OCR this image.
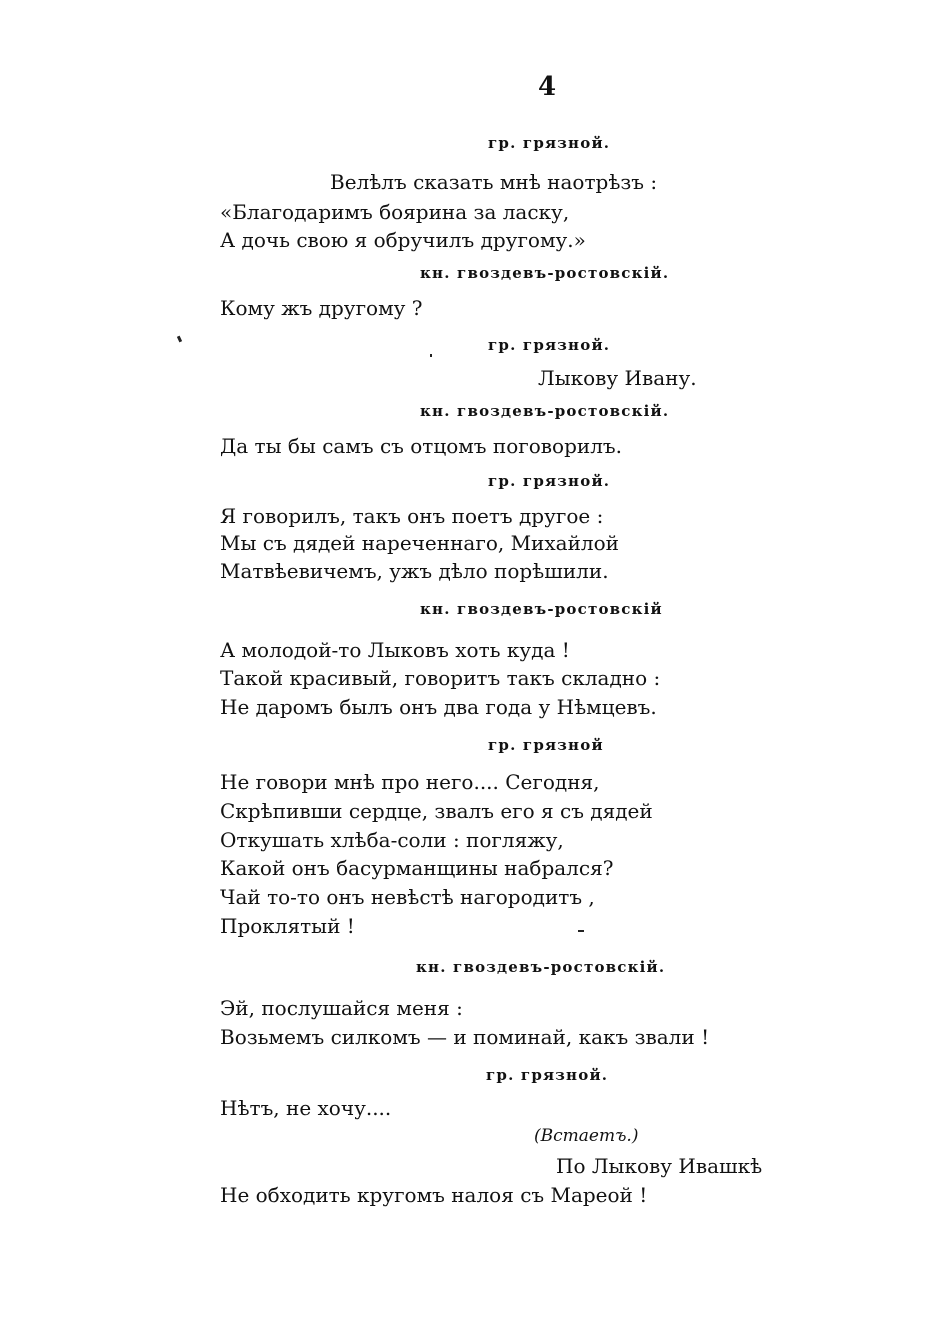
4
гр. грязной.
Велѣлъ сказать мнѣ наотрѣзъ :
«Благодаримъ бояринa за ласку,
А дочь свою я обручилъ другому.»
кн. гвоздевъ-ростовскій.
Кому жъ другому ?
гр. грязной.
Лыкову Ивану.
кн. гвоздевъ-ростовскій.
Да ты бы самъ съ отцомъ поговорилъ.
гр. грязной.
Я говорилъ, такъ онъ поетъ другое :
Мы съ дядей нареченнаго, Михайлой
Матвѣевичемъ, ужъ дѣло порѣшили.
кн. гвоздевъ-ростовскій
А молодой-то Лыковъ хоть куда !
Такой красивый, говоритъ такъ складно :
Не даромъ былъ онъ два года у Нѣмцевъ.
гр. грязной
Не говори мнѣ про него.... Сегодня,
Скрѣпивши сердце, звалъ его я съ дядей
Откушать хлѣба-соли : погляжу,
Какой онъ басурманщины набрался?
Чай то-то онъ невѣстѣ нагородитъ ,
Проклятый !
кн. гвоздевъ-ростовскій.
Эй, послушайся меня :
Возьмемъ силкомъ — и поминай, какъ звали !
гр. грязной.
Нѣтъ, не хочу....
(Встаетъ.)
По Лыкову Ивашкѣ
Не обходить кругомъ налоя съ Мареой !
